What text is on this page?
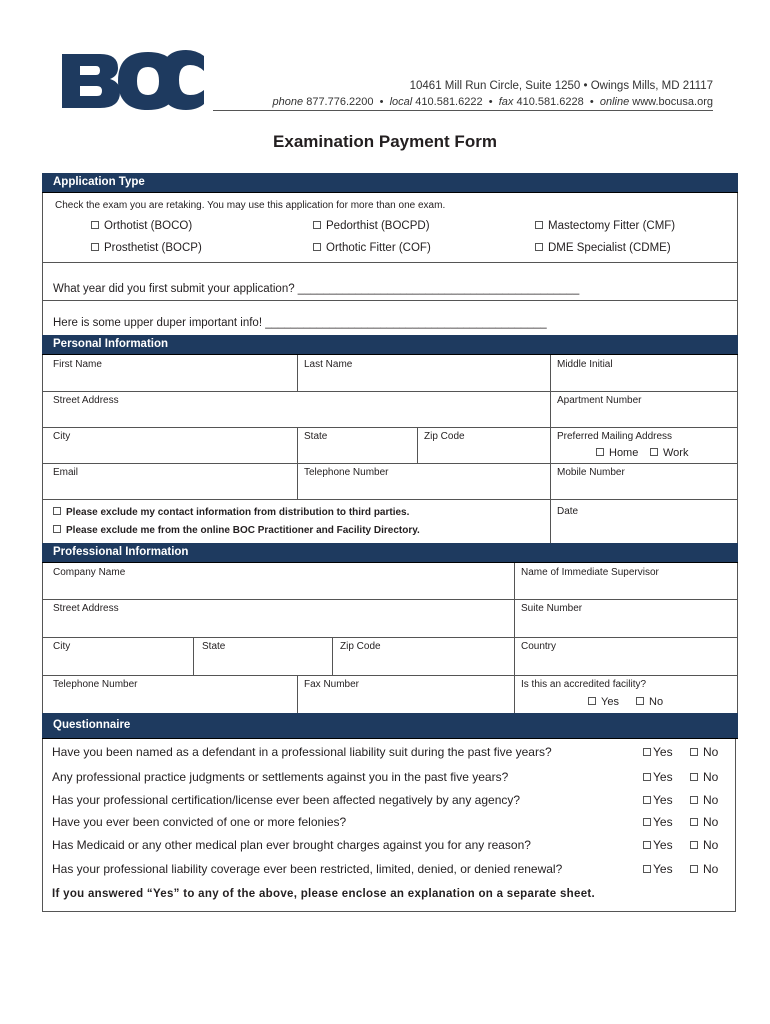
10461 Mill Run Circle, Suite 1250 • Owings Mills, MD 21117
phone 877.776.2200 • local 410.581.6222 • fax 410.581.6228 • online www.bocusa.org
Examination Payment Form
Application Type
Check the exam you are retaking. You may use this application for more than one exam.
Orthotist (BOCO)	Pedorthist (BOCPD)	Mastectomy Fitter (CMF)
Prosthetist (BOCP)	Orthotic Fitter (COF)	DME Specialist (CDME)
What year did you first submit your application? ____________________________________________
Here is some upper duper important info! ____________________________________________
Personal Information
First Name	Last Name	Middle Initial
Street Address	Apartment Number
City	State	Zip Code	Preferred Mailing Address
Home	Work
Email	Telephone Number	Mobile Number
Please exclude my contact information from distribution to third parties.
Please exclude me from the online BOC Practitioner and Facility Directory.
Date
Professional Information
Company Name	Name of Immediate Supervisor
Street Address	Suite Number
City	State	Zip Code	Country
Telephone Number	Fax Number	Is this an accredited facility?
Yes	No
Questionnaire
Have you been named as a defendant in a professional liability suit during the past five years?	Yes	No
Any professional practice judgments or settlements against you in the past five years?	Yes	No
Has your professional certification/license ever been affected negatively by any agency?	Yes	No
Have you ever been convicted of one or more felonies?	Yes	No
Has Medicaid or any other medical plan ever brought charges against you for any reason?	Yes	No
Has your professional liability coverage ever been restricted, limited, denied, or denied renewal?	Yes	No
If you answered “Yes” to any of the above, please enclose an explanation on a separate sheet.
